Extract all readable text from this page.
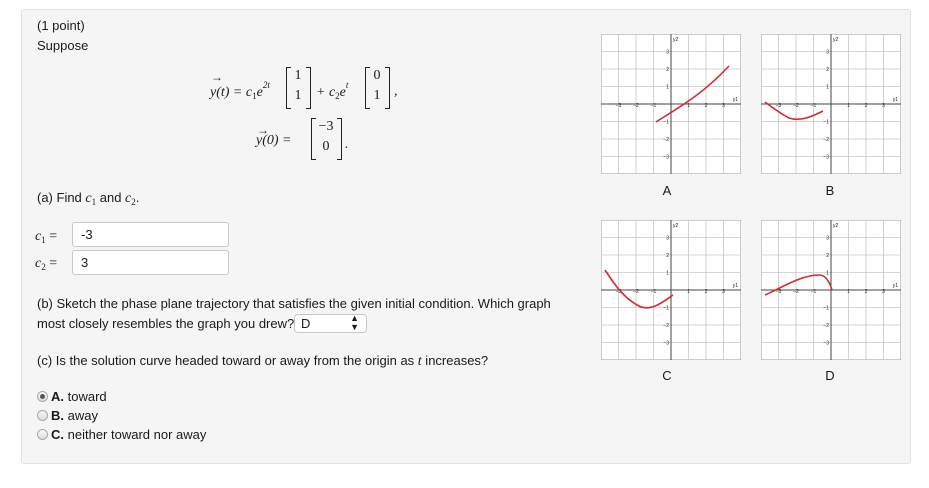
(1 point)
Suppose
→
$y(t) = c_1e^{2t}$
1
$1 + c_2e^t$
0
1 ,
→
y(0) =
−3
0	.
(a) Find $c_1$ and $c_2$.
$c_1$ =	-3
$c_2$ =	3
(b) Sketch the phase plane trajectory that satisfies the given initial condition. Which graph
most closely resembles the graph you drew? D	▲
▼
(c) Is the solution curve headed toward or away from the origin as t increases?
A. toward
B. away
C. neither toward nor away
−3
−3
−2
−2
−1
−1
1
1
2
2
3
3
y2
y1
A
−3
−3
−2
−2
−1
−1
1
1
2
2
3
3
y2
y1
B
−3
−3
−2
−2
−1
−1
1
1
2
2
3
3
y2
y1
C
−3
−3
−2
−2
−1
−1
1
1
2
2
3
3
y2
y1
D
